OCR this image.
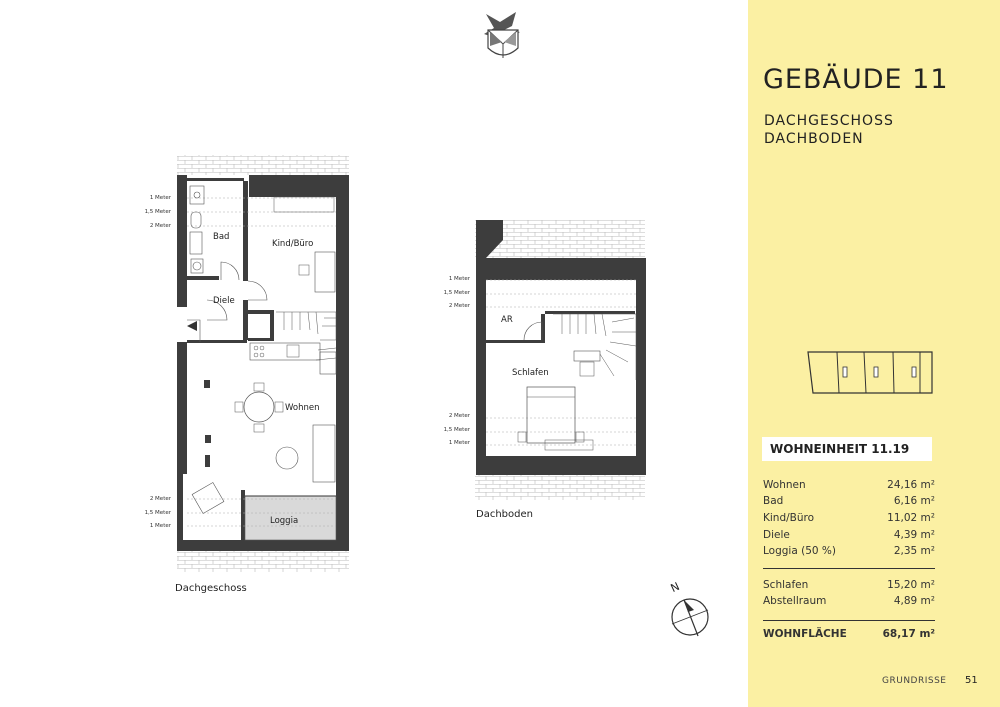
GEBÄUDE 11
DACHGESCHOSS
DACHBODEN
WOHNEINHEIT 11.19
Wohnen	24,16 m²
Bad	6,16 m²
Kind/Büro	11,02 m²
Diele	4,39 m²
Loggia (50 %)	2,35 m²
Schlafen	15,20 m²
Abstellraum	4,89 m²
WOHNFLÄCHE	68,17 m²
GRUNDRISSE 51
N
Bad
Kind/Büro
Diele
Wohnen
Loggia
AR
Schlafen
1 Meter
1,5 Meter
2 Meter
2 Meter
1,5 Meter
1 Meter
1 Meter
1,5 Meter
2 Meter
2 Meter
1,5 Meter
1 Meter
Dachgeschoss
Dachboden
